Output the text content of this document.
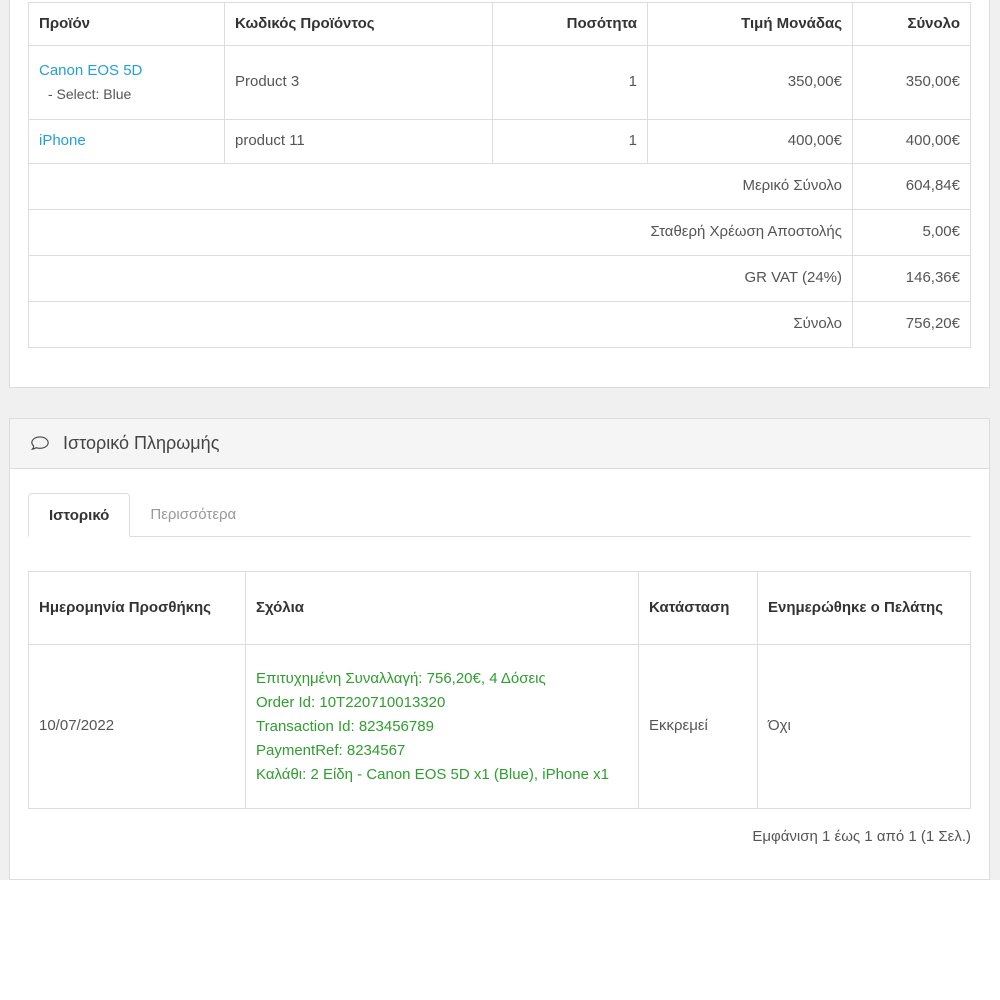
Προϊόν	Κωδικός Προϊόντος	Ποσότητα	Τιμή Μονάδας	Σύνολο
Canon EOS 5D
- Select: Blue	Product 3	1	350,00€	350,00€
iPhone	product 11	1	400,00€	400,00€
Μερικό Σύνολο				604,84€
Σταθερή Χρέωση Αποστολής				5,00€
GR VAT (24%)				146,36€
Σύνολο				756,20€
Ιστορικό Πληρωμής
Ιστορικό	Περισσότερα
Ημερομηνία Προσθήκης	Σχόλια	Κατάσταση	Ενημερώθηκε ο Πελάτης
10/07/2022	Επιτυχημένη Συναλλαγή: 756,20€, 4 Δόσεις
Order Id: 10T220710013320
Transaction Id: 823456789
PaymentRef: 8234567
Καλάθι: 2 Είδη - Canon EOS 5D x1 (Blue), iPhone x1	Εκκρεμεί	Όχι
Εμφάνιση 1 έως 1 από 1 (1 Σελ.)
